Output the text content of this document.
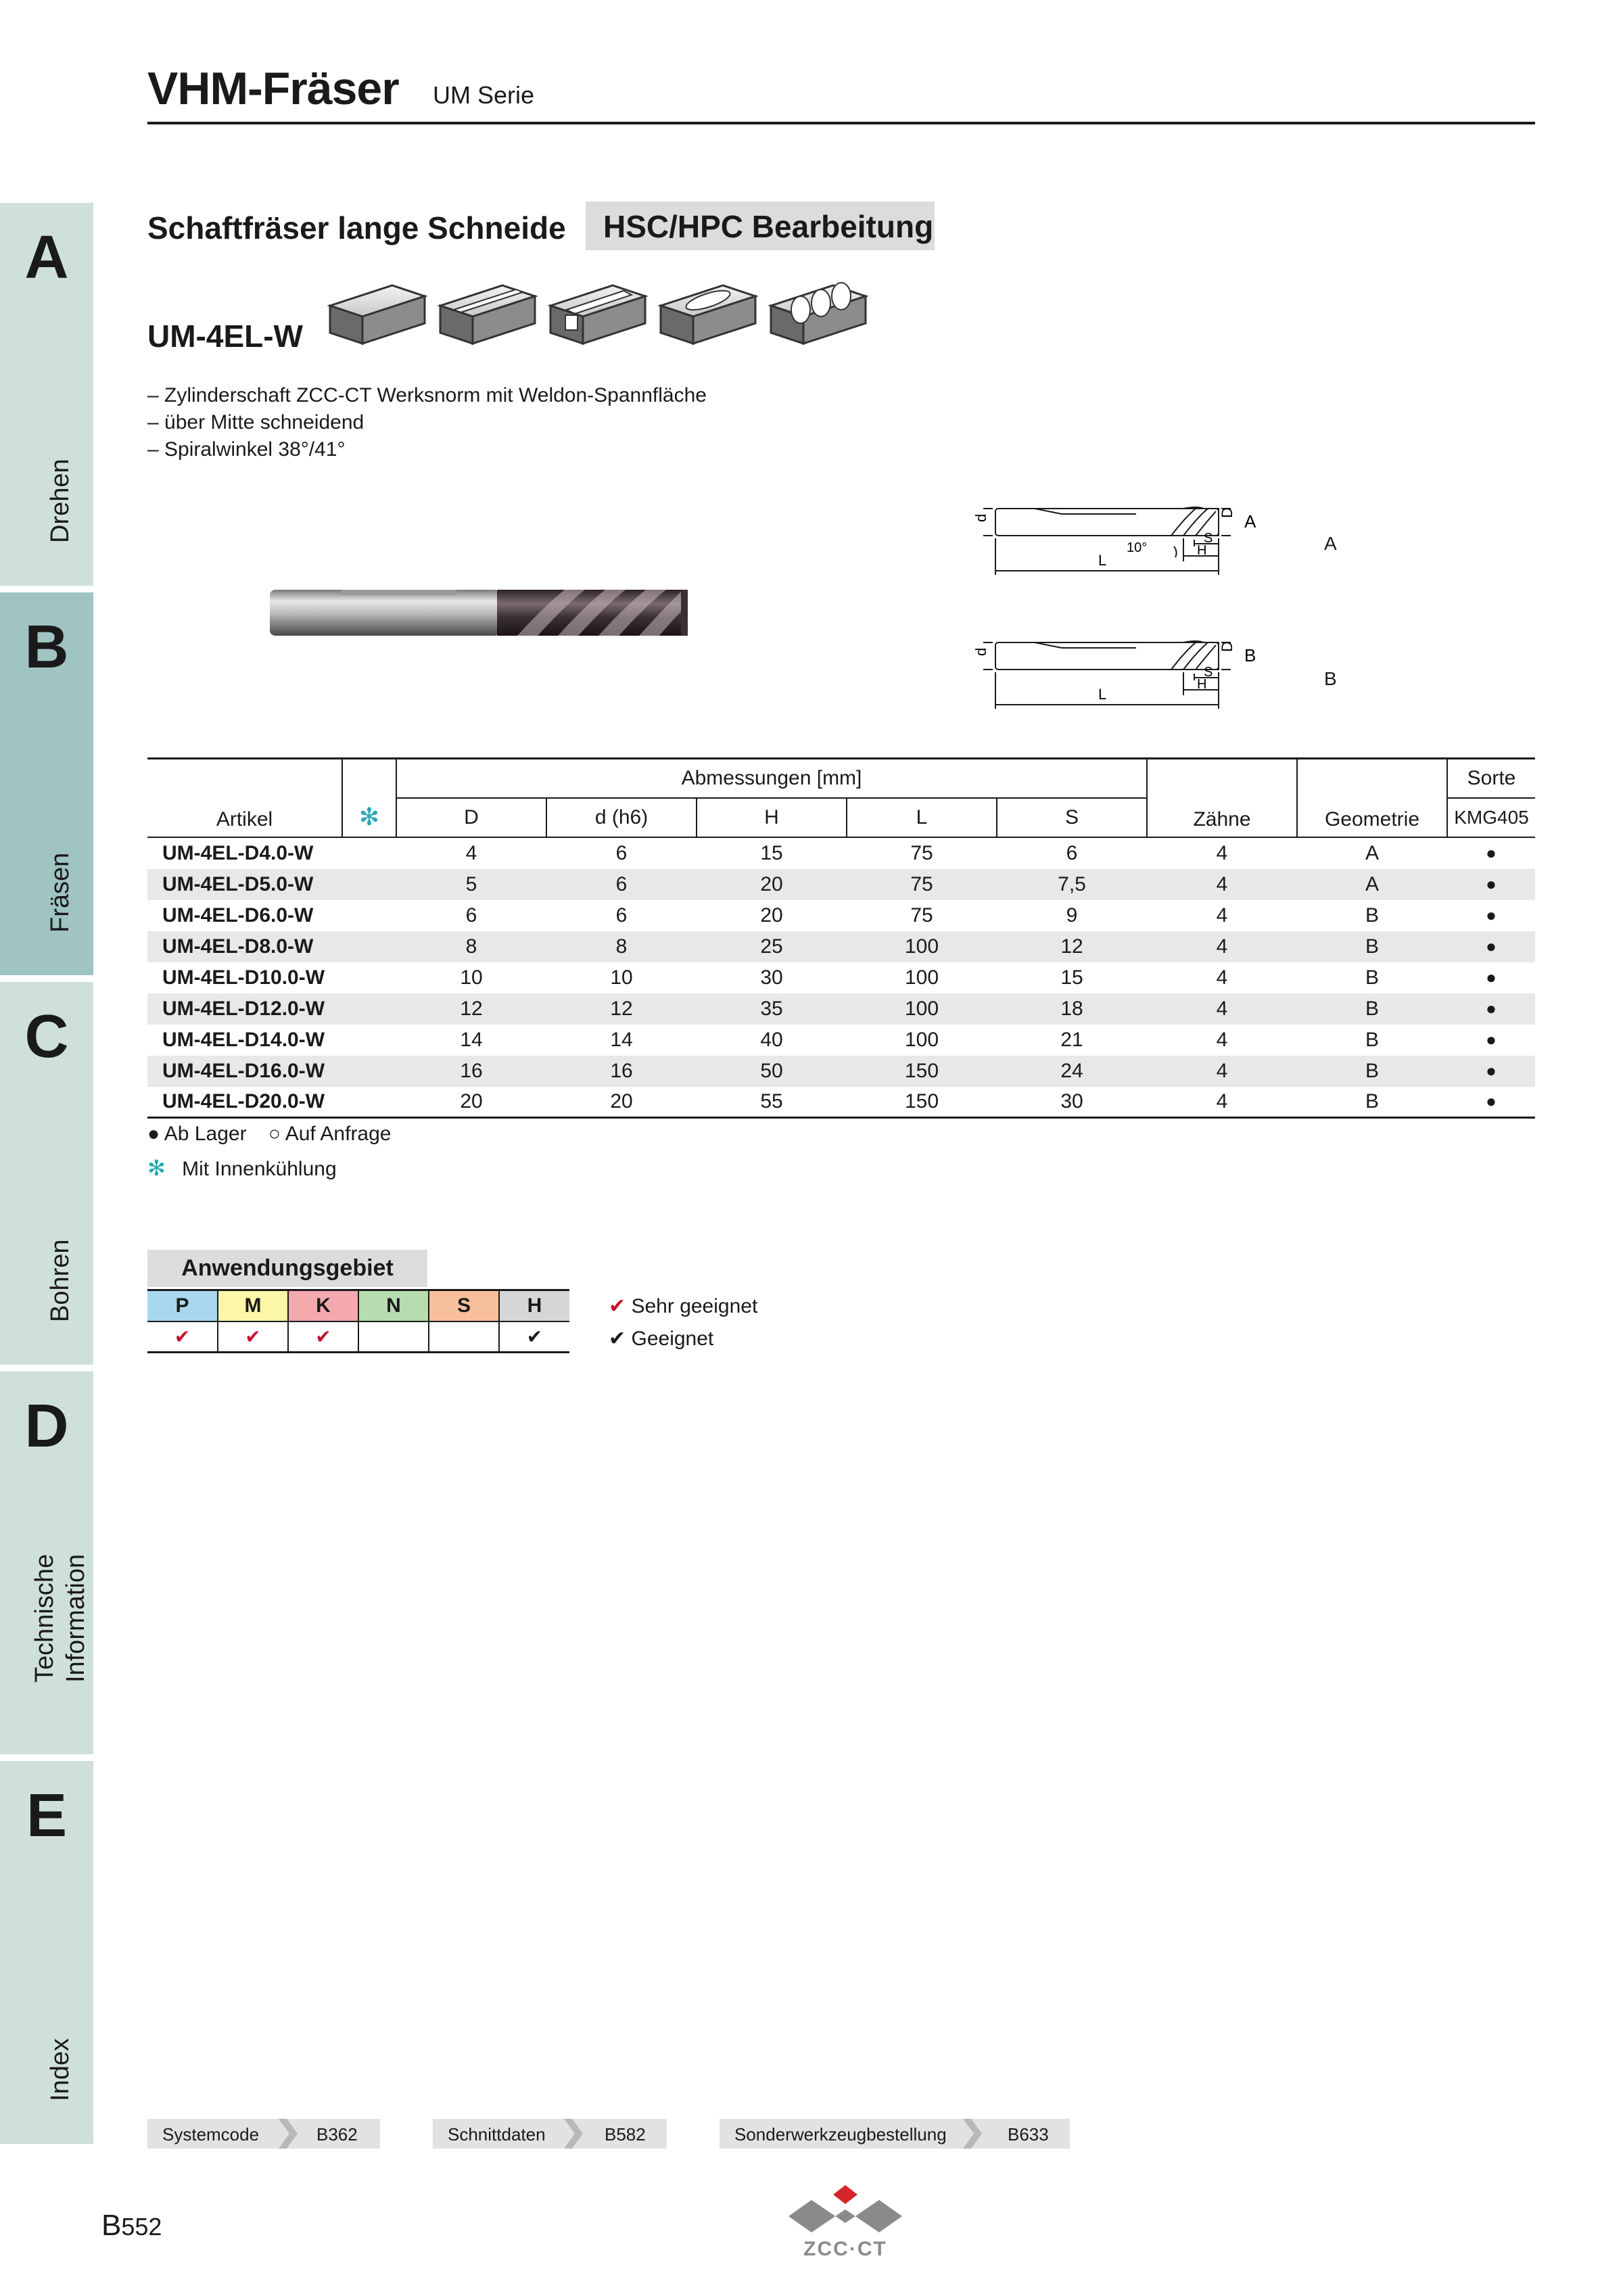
VHM-Fräser UM Serie
A
Drehen
B
Fräsen
C
Bohren
D
Technische Information
E
Index
Schaftfräser lange Schneide	HSC/HPC Bearbeitung
UM-4EL-W
– Zylinderschaft ZCC-CT Werksnorm mit Weldon-Spannfläche
– über Mitte schneidend
– Spiralwinkel 38°/41°
d	D
L
H
S
10°
A
A
d	D
L
H
S
B
B
Artikel	✻	Abmessungen [mm]					Zähne	Geometrie	Sorte
		D	d (h6)	H	L	S			KMG405

UM-4EL-D4.0-W		4	6	15	75	6	4	A	●
UM-4EL-D5.0-W		5	6	20	75	7,5	4	A	●
UM-4EL-D6.0-W		6	6	20	75	9	4	B	●
UM-4EL-D8.0-W		8	8	25	100	12	4	B	●
UM-4EL-D10.0-W		10	10	30	100	15	4	B	●
UM-4EL-D12.0-W		12	12	35	100	18	4	B	●
UM-4EL-D14.0-W		14	14	40	100	21	4	B	●
UM-4EL-D16.0-W		16	16	50	150	24	4	B	●
UM-4EL-D20.0-W		20	20	55	150	30	4	B	●
● Ab Lager ○ Auf Anfrage
✻ Mit Innenkühlung
Anwendungsgebiet
P	M	K	N	S	H
✔	✔	✔			✔
✔ Sehr geeignet
✔ Geeignet
Systemcode	B362	Schnittdaten	B582	Sonderwerkzeugbestellung	B633
B552
ZCC·CT
